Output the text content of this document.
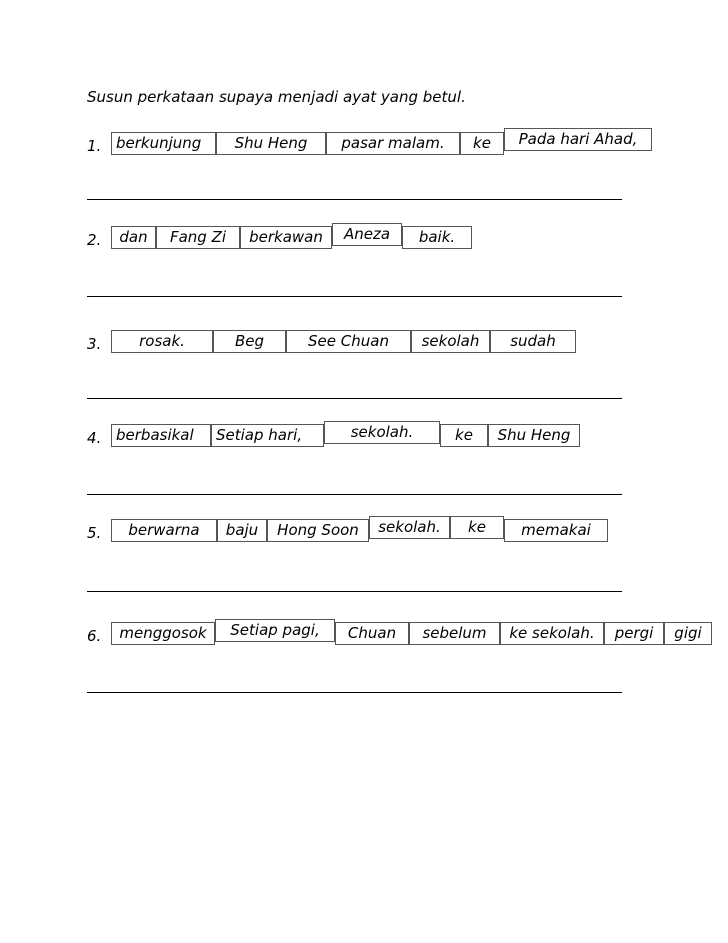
Susun perkataan supaya menjadi ayat yang betul.
1. berkunjung	Shu Heng	pasar malam.	ke	Pada hari Ahad,
2.	dan	Fang Zi	berkawan	Aneza	baik.
3.	rosak.	Beg	See Chuan	sekolah	sudah
4. berbasikal	Setiap hari,	sekolah.	ke	Shu Heng
5.	berwarna	baju	Hong Soon	sekolah.	ke	memakai
6.	menggosok	Setiap pagi,	Chuan	sebelum	ke sekolah.	pergi	gigi
